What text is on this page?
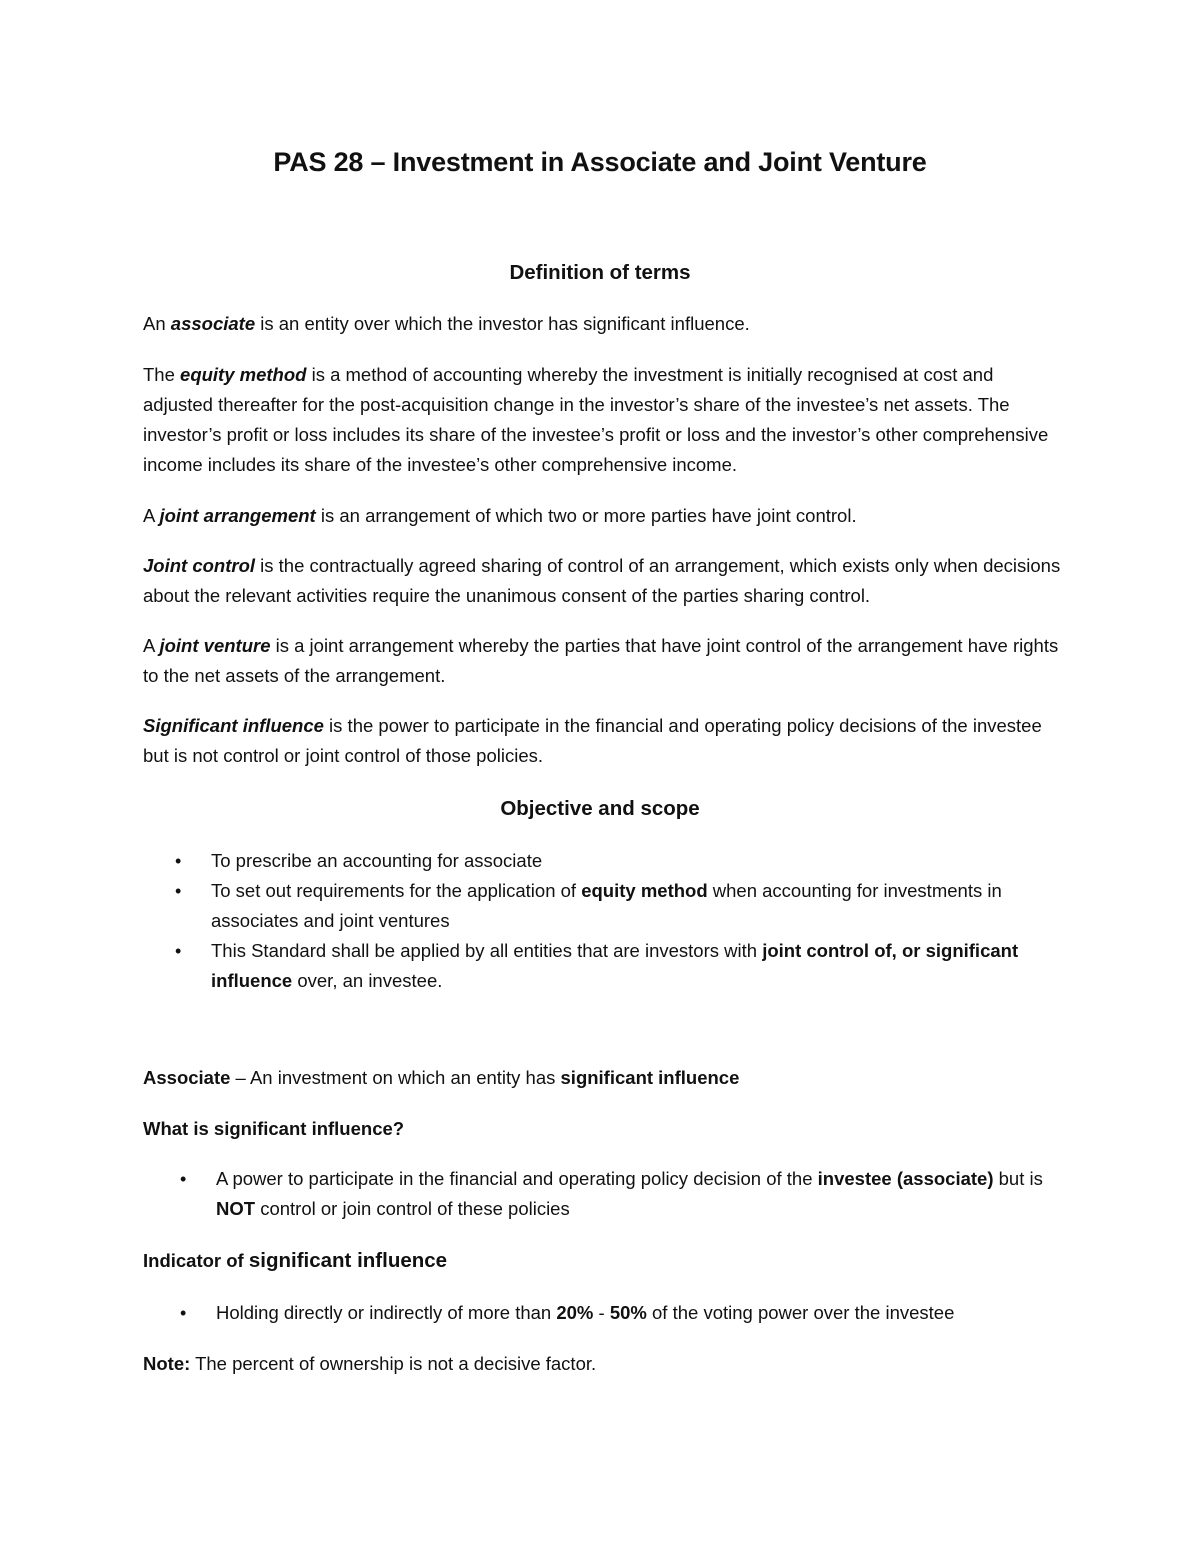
PAS 28 – Investment in Associate and Joint Venture
Definition of terms

An associate is an entity over which the investor has significant influence.

The equity method is a method of accounting whereby the investment is initially recognised at cost and adjusted thereafter for the post-acquisition change in the investor’s share of the investee’s net assets. The investor’s profit or loss includes its share of the investee’s profit or loss and the investor’s other comprehensive income includes its share of the investee’s other comprehensive income.

A joint arrangement is an arrangement of which two or more parties have joint control.

Joint control is the contractually agreed sharing of control of an arrangement, which exists only when decisions about the relevant activities require the unanimous consent of the parties sharing control.

A joint venture is a joint arrangement whereby the parties that have joint control of the arrangement have rights to the net assets of the arrangement.

Significant influence is the power to participate in the financial and operating policy decisions of the investee but is not control or joint control of those policies.

Objective and scope
• To prescribe an accounting for associate
• To set out requirements for the application of equity method when accounting for investments in associates and joint ventures
• This Standard shall be applied by all entities that are investors with joint control of, or significant influence over, an investee.

Associate – An investment on which an entity has significant influence

What is significant influence?

• A power to participate in the financial and operating policy decision of the investee (associate) but is NOT control or join control of these policies

Indicator of significant influence

• Holding directly or indirectly of more than 20% - 50% of the voting power over the investee

Note: The percent of ownership is not a decisive factor.
